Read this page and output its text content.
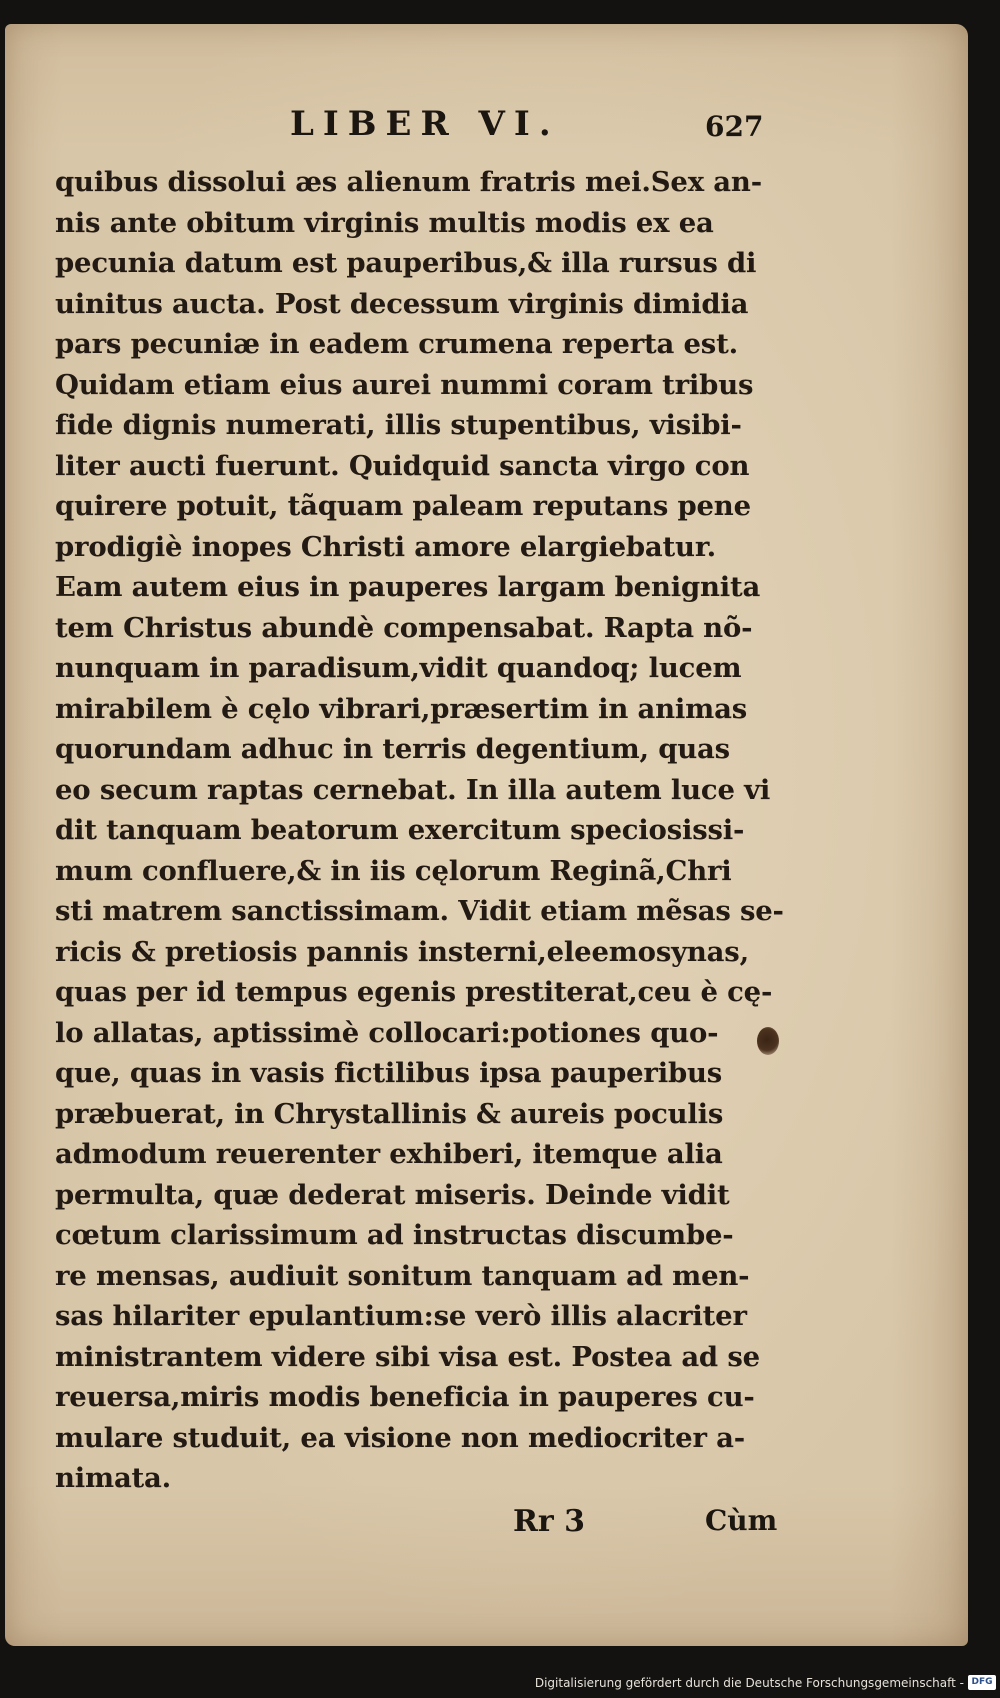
LIBER VI.	627
quibus dissolui æs alienum fratris mei.Sex an-
nis ante obitum virginis multis modis ex ea
pecunia datum est pauperibus,& illa rursus di
uinitus aucta. Post decessum virginis dimidia
pars pecuniæ in eadem crumena reperta est.
Quidam etiam eius aurei nummi coram tribus
fide dignis numerati, illis stupentibus, visibi-
liter aucti fuerunt. Quidquid sancta virgo con
quirere potuit, tãquam paleam reputans pene
prodigiè inopes Christi amore elargiebatur.
Eam autem eius in pauperes largam benignita
tem Christus abundè compensabat. Rapta nõ-
nunquam in paradisum,vidit quandoq; lucem
mirabilem è cęlo vibrari,præsertim in animas
quorundam adhuc in terris degentium, quas
eo secum raptas cernebat. In illa autem luce vi
dit tanquam beatorum exercitum speciosissi-
mum confluere,& in iis cęlorum Reginã,Chri
sti matrem sanctissimam. Vidit etiam mẽsas se-
ricis & pretiosis pannis insterni,eleemosynas,
quas per id tempus egenis prestiterat,ceu è cę-
lo allatas, aptissimè collocari:potiones quo-
que, quas in vasis fictilibus ipsa pauperibus
præbuerat, in Chrystallinis & aureis poculis
admodum reuerenter exhiberi, itemque alia
permulta, quæ dederat miseris. Deinde vidit
cœtum clarissimum ad instructas discumbe-
re mensas, audiuit sonitum tanquam ad men-
sas hilariter epulantium:se verò illis alacriter
ministrantem videre sibi visa est. Postea ad se
reuersa,miris modis beneficia in pauperes cu-
mulare studuit, ea visione non mediocriter a-
nimata.
Rr 3	Cùm
Digitalisierung gefördert durch die Deutsche Forschungsgemeinschaft - DFG
